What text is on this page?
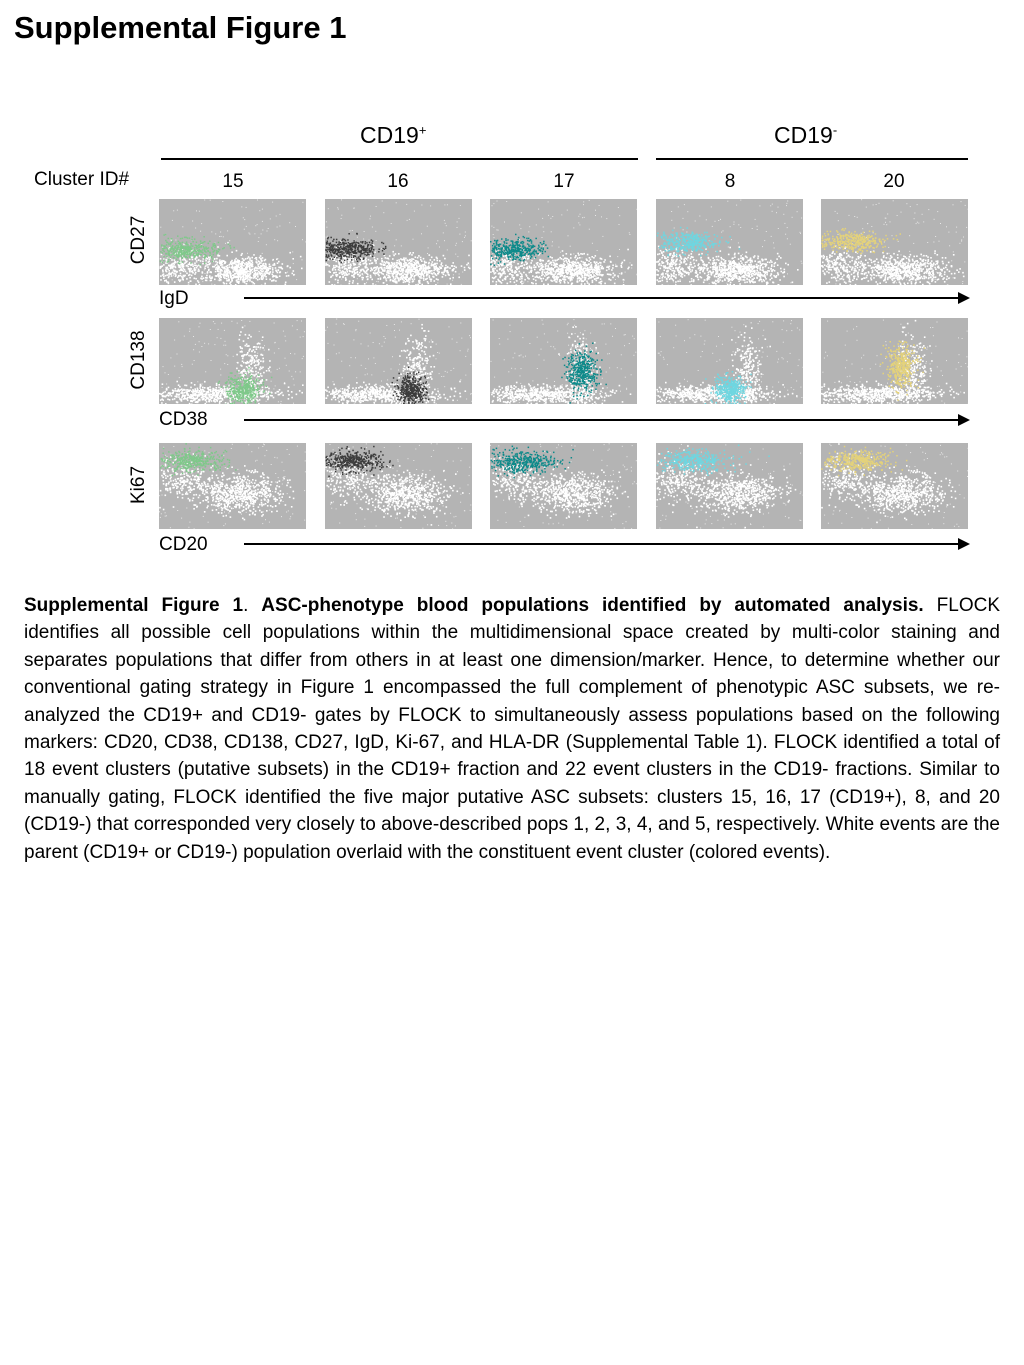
Supplemental Figure 1
CD19+	CD19-
Cluster ID#	15	16	17	8	20
CD27
CD138
Ki67
IgD
CD38
CD20

Supplemental Figure 1. ASC-phenotype blood populations identified by automated analysis. FLOCK identifies all possible cell populations within the multidimensional space created by multi-color staining and separates populations that differ from others in at least one dimension/marker. Hence, to determine whether our conventional gating strategy in Figure 1 encompassed the full complement of phenotypic ASC subsets, we re-analyzed the CD19+ and CD19- gates by FLOCK to simultaneously assess populations based on the following markers: CD20, CD38, CD138, CD27, IgD, Ki-67, and HLA-DR (Supplemental Table 1). FLOCK identified a total of 18 event clusters (putative subsets) in the CD19+ fraction and 22 event clusters in the CD19- fractions. Similar to manually gating, FLOCK identified the five major putative ASC subsets: clusters 15, 16, 17 (CD19+), 8, and 20 (CD19-) that corresponded very closely to above-described pops 1, 2, 3, 4, and 5, respectively. White events are the parent (CD19+ or CD19-) population overlaid with the constituent event cluster (colored events).
